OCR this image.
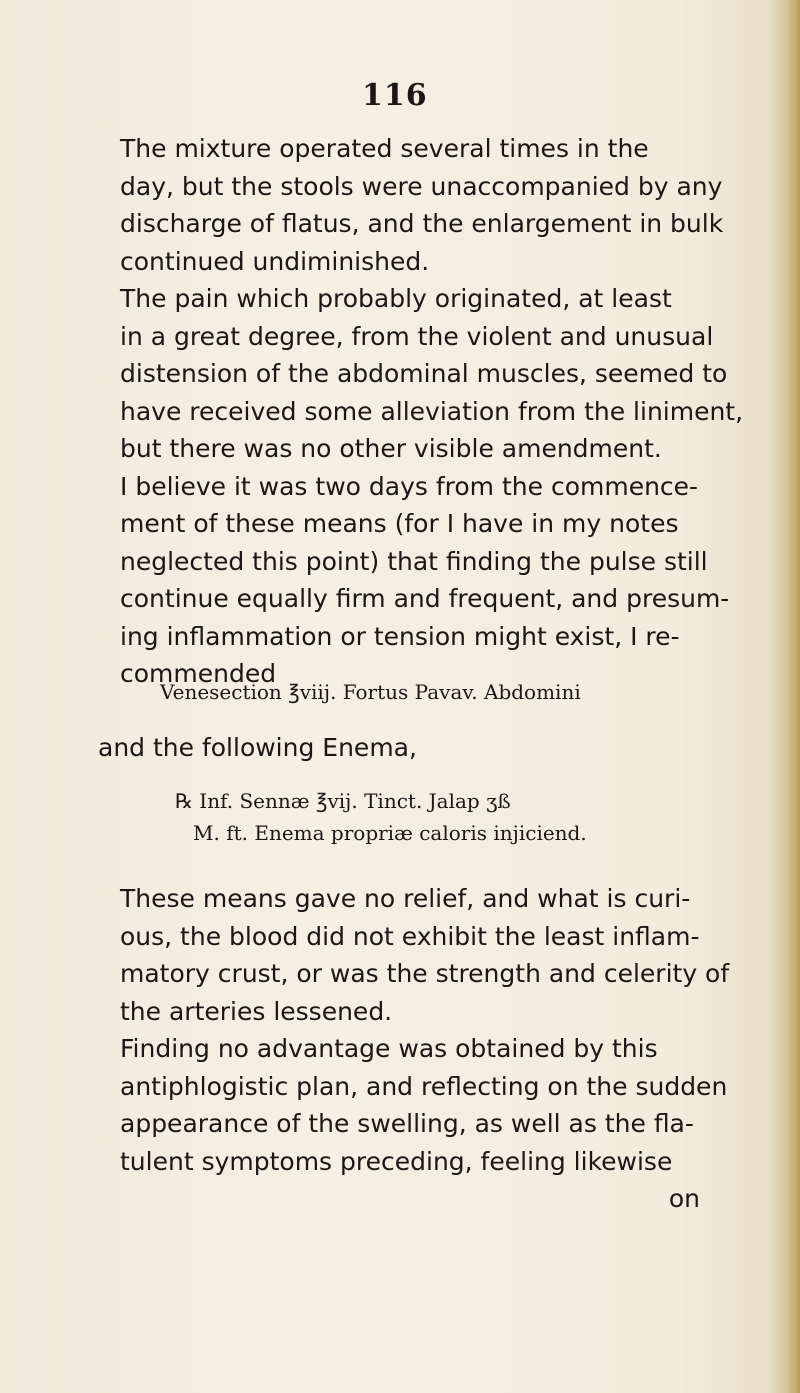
116

The mixture operated several times in the
day, but the stools were unaccompanied by any
discharge of flatus, and the enlargement in bulk
continued undiminished.

The pain which probably originated, at least
in a great degree, from the violent and unusual
distension of the abdominal muscles, seemed to
have received some alleviation from the liniment,
but there was no other visible amendment.

I believe it was two days from the commence-
ment of these means (for I have in my notes
neglected this point) that finding the pulse still
continue equally firm and frequent, and presum-
ing inflammation or tension might exist, I re-
commended

Venesection ℥viij. Fortus Pavav. Abdomini

and the following Enema,

℞ Inf. Sennæ ℥vij. Tinct. Jalap ʒß
M. ft. Enema propriæ caloris injiciend.

These means gave no relief, and what is curi-
ous, the blood did not exhibit the least inflam-
matory crust, or was the strength and celerity of
the arteries lessened.

Finding no advantage was obtained by this
antiphlogistic plan, and reflecting on the sudden
appearance of the swelling, as well as the fla-
tulent symptoms preceding, feeling likewise

on
